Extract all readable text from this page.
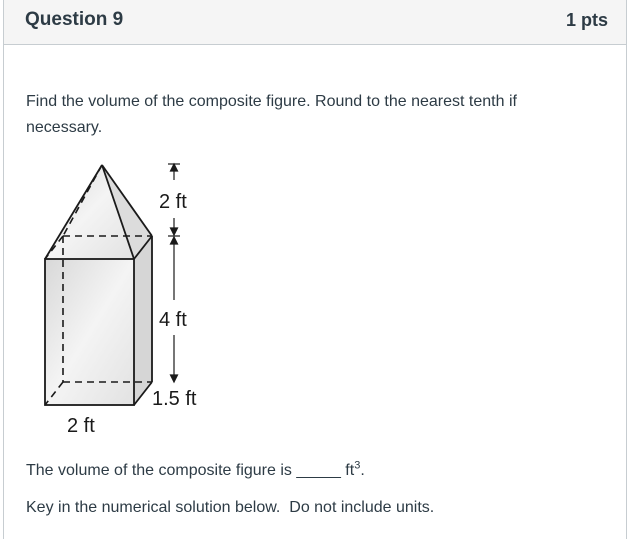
Question 9	1 pts
Find the volume of the composite figure. Round to the nearest tenth if necessary.
2 ft
4 ft
1.5 ft
2 ft
The volume of the composite figure is _____ $ft^3$.
Key in the numerical solution below.  Do not include units.
